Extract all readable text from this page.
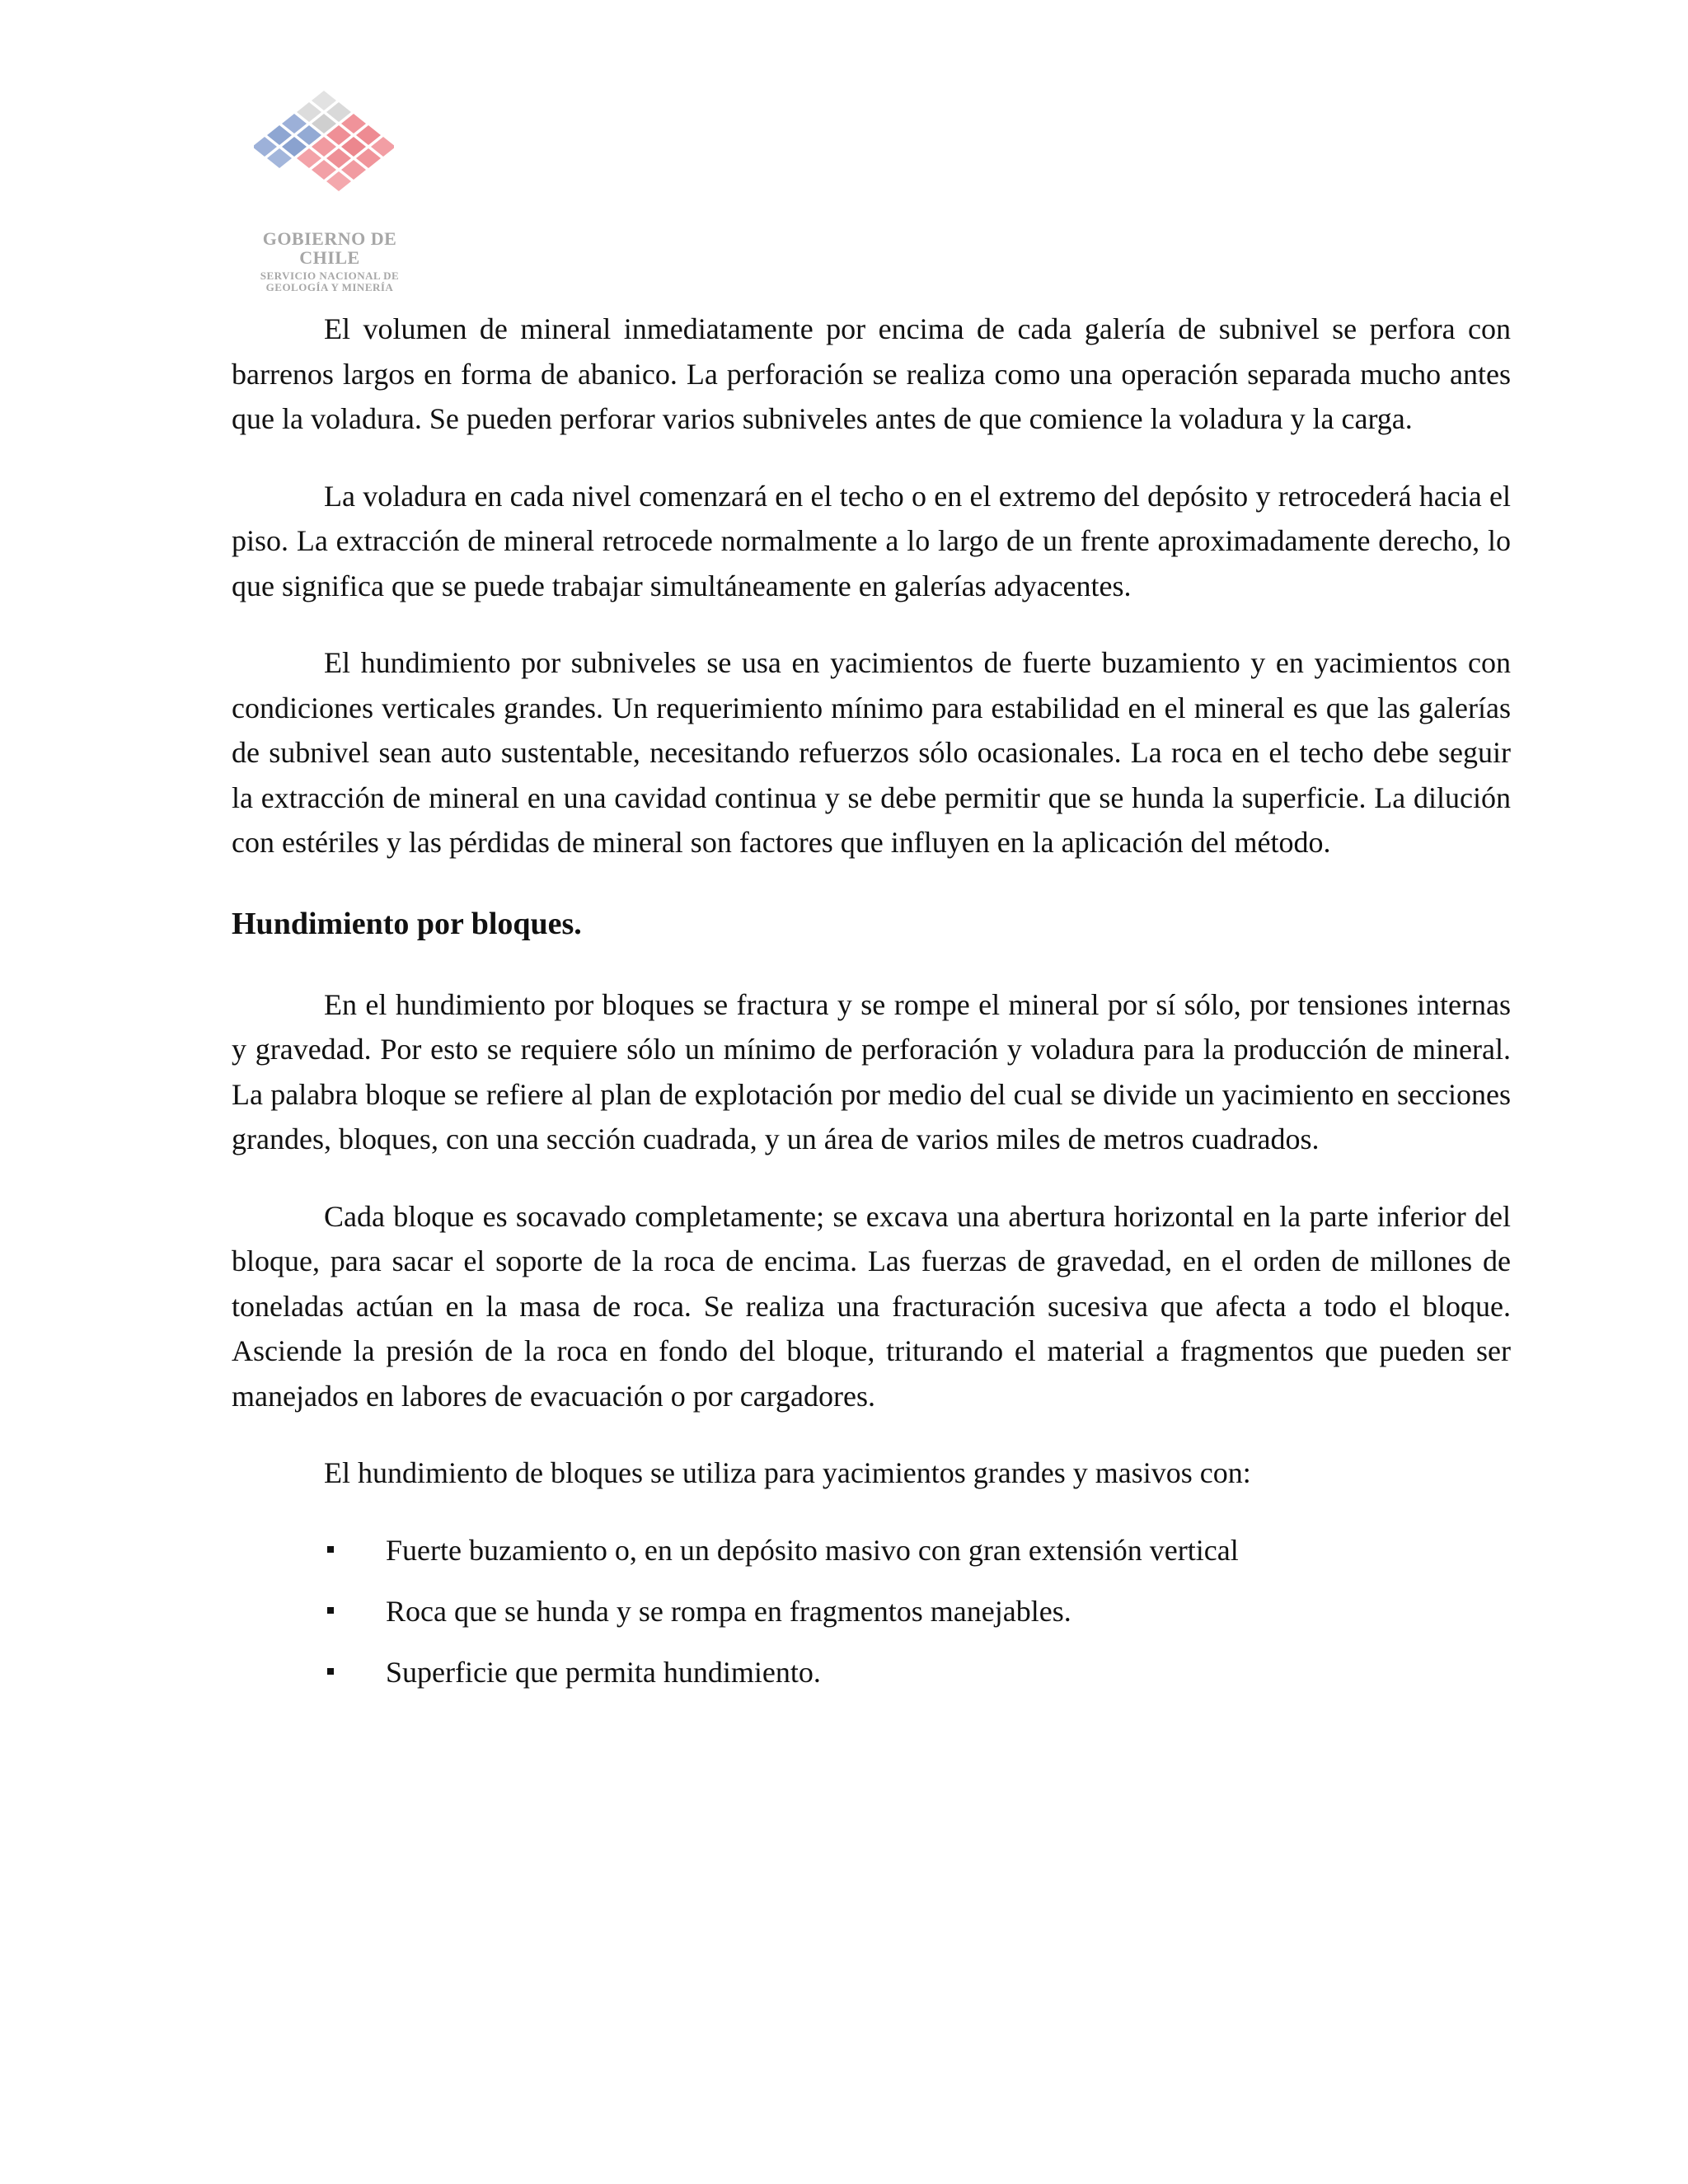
GOBIERNO DE CHILE
SERVICIO NACIONAL DE
GEOLOGÍA Y MINERÍA

El volumen de mineral inmediatamente por encima de cada galería de subnivel se perfora con barrenos largos en forma de abanico. La perforación se realiza como una operación separada mucho antes que la voladura. Se pueden perforar varios subniveles antes de que comience la voladura y la carga.

La voladura en cada nivel comenzará en el techo o en el extremo del depósito y retrocederá hacia el piso. La extracción de mineral retrocede normalmente a lo largo de un frente aproximadamente derecho, lo que significa que se puede trabajar simultáneamente en galerías adyacentes.

El hundimiento por subniveles se usa en yacimientos de fuerte buzamiento y en yacimientos con condiciones verticales grandes. Un requerimiento mínimo para estabilidad en el mineral es que las galerías de subnivel sean auto sustentable, necesitando refuerzos sólo ocasionales. La roca en el techo debe seguir la extracción de mineral en una cavidad continua y se debe permitir que se hunda la superficie. La dilución con estériles y las pérdidas de mineral son factores que influyen en la aplicación del método.

Hundimiento por bloques.

En el hundimiento por bloques se fractura y se rompe el mineral por sí sólo, por tensiones internas y gravedad. Por esto se requiere sólo un mínimo de perforación y voladura para la producción de mineral. La palabra bloque se refiere al plan de explotación por medio del cual se divide un yacimiento en secciones grandes, bloques, con una sección cuadrada, y un área de varios miles de metros cuadrados.

Cada bloque es socavado completamente; se excava una abertura horizontal en la parte inferior del bloque, para sacar el soporte de la roca de encima. Las fuerzas de gravedad, en el orden de millones de toneladas actúan en la masa de roca. Se realiza una fracturación sucesiva que afecta a todo el bloque. Asciende la presión de la roca en fondo del bloque, triturando el material a fragmentos que pueden ser manejados en labores de evacuación o por cargadores.

El hundimiento de bloques se utiliza para yacimientos grandes y masivos con:

Fuerte buzamiento o, en un depósito masivo con gran extensión vertical
Roca que se hunda y se rompa en fragmentos manejables.
Superficie que permita hundimiento.
